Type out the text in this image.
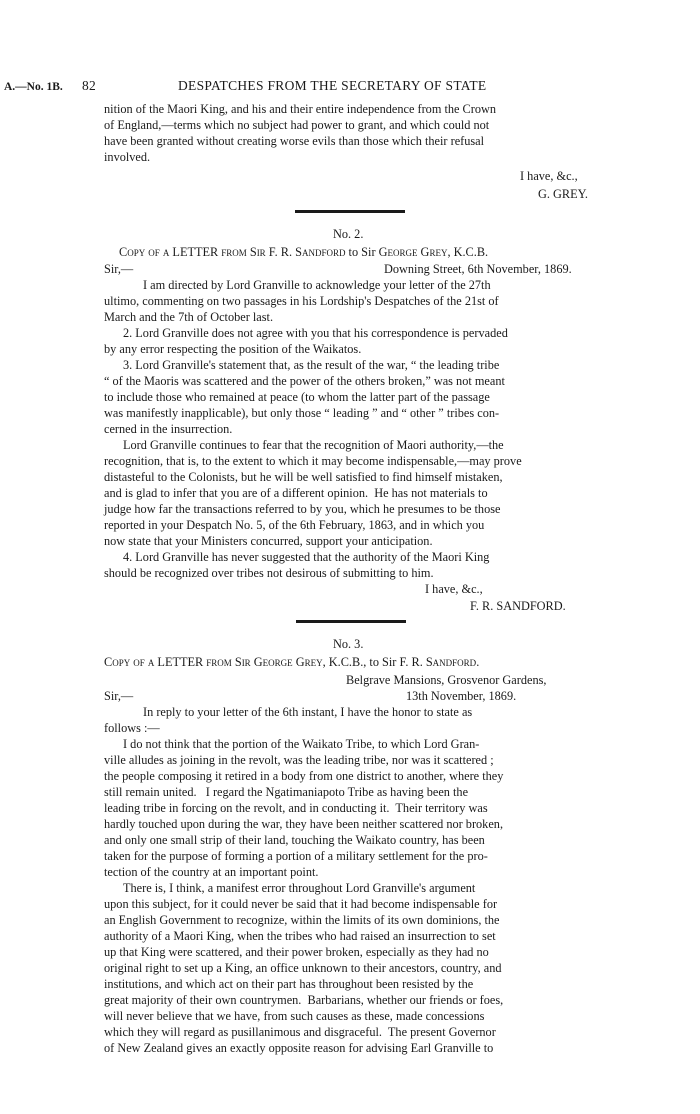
A.—No. 1B. 82	DESPATCHES FROM THE SECRETARY OF STATE
nition of the Maori King, and his and their entire independence from the Crown
of England,—terms which no subject had power to grant, and which could not
have been granted without creating worse evils than those which their refusal
involved.
I have, &c.,
G. GREY.
No. 2.
Copy of a LETTER from Sir F. R. Sandford to Sir George Grey, K.C.B.
Sir,—	Downing Street, 6th November, 1869.
I am directed by Lord Granville to acknowledge your letter of the 27th
ultimo, commenting on two passages in his Lordship's Despatches of the 21st of
March and the 7th of October last.
2. Lord Granville does not agree with you that his correspondence is pervaded
by any error respecting the position of the Waikatos.
3. Lord Granville's statement that, as the result of the war, “ the leading tribe
“ of the Maoris was scattered and the power of the others broken,” was not meant
to include those who remained at peace (to whom the latter part of the passage
was manifestly inapplicable), but only those “ leading ” and “ other ” tribes con-
cerned in the insurrection.
Lord Granville continues to fear that the recognition of Maori authority,—the
recognition, that is, to the extent to which it may become indispensable,—may prove
distasteful to the Colonists, but he will be well satisfied to find himself mistaken,
and is glad to infer that you are of a different opinion.  He has not materials to
judge how far the transactions referred to by you, which he presumes to be those
reported in your Despatch No. 5, of the 6th February, 1863, and in which you
now state that your Ministers concurred, support your anticipation.
4. Lord Granville has never suggested that the authority of the Maori King
should be recognized over tribes not desirous of submitting to him.
I have, &c.,
F. R. SANDFORD.
No. 3.
Copy of a LETTER from Sir George Grey, K.C.B., to Sir F. R. Sandford.
Belgrave Mansions, Grosvenor Gardens,
Sir,—	13th November, 1869.
In reply to your letter of the 6th instant, I have the honor to state as
follows :—
I do not think that the portion of the Waikato Tribe, to which Lord Gran-
ville alludes as joining in the revolt, was the leading tribe, nor was it scattered ;
the people composing it retired in a body from one district to another, where they
still remain united.   I regard the Ngatimaniapoto Tribe as having been the
leading tribe in forcing on the revolt, and in conducting it.  Their territory was
hardly touched upon during the war, they have been neither scattered nor broken,
and only one small strip of their land, touching the Waikato country, has been
taken for the purpose of forming a portion of a military settlement for the pro-
tection of the country at an important point.
There is, I think, a manifest error throughout Lord Granville's argument
upon this subject, for it could never be said that it had become indispensable for
an English Government to recognize, within the limits of its own dominions, the
authority of a Maori King, when the tribes who had raised an insurrection to set
up that King were scattered, and their power broken, especially as they had no
original right to set up a King, an office unknown to their ancestors, country, and
institutions, and which act on their part has throughout been resisted by the
great majority of their own countrymen.  Barbarians, whether our friends or foes,
will never believe that we have, from such causes as these, made concessions
which they will regard as pusillanimous and disgraceful.  The present Governor
of New Zealand gives an exactly opposite reason for advising Earl Granville to
